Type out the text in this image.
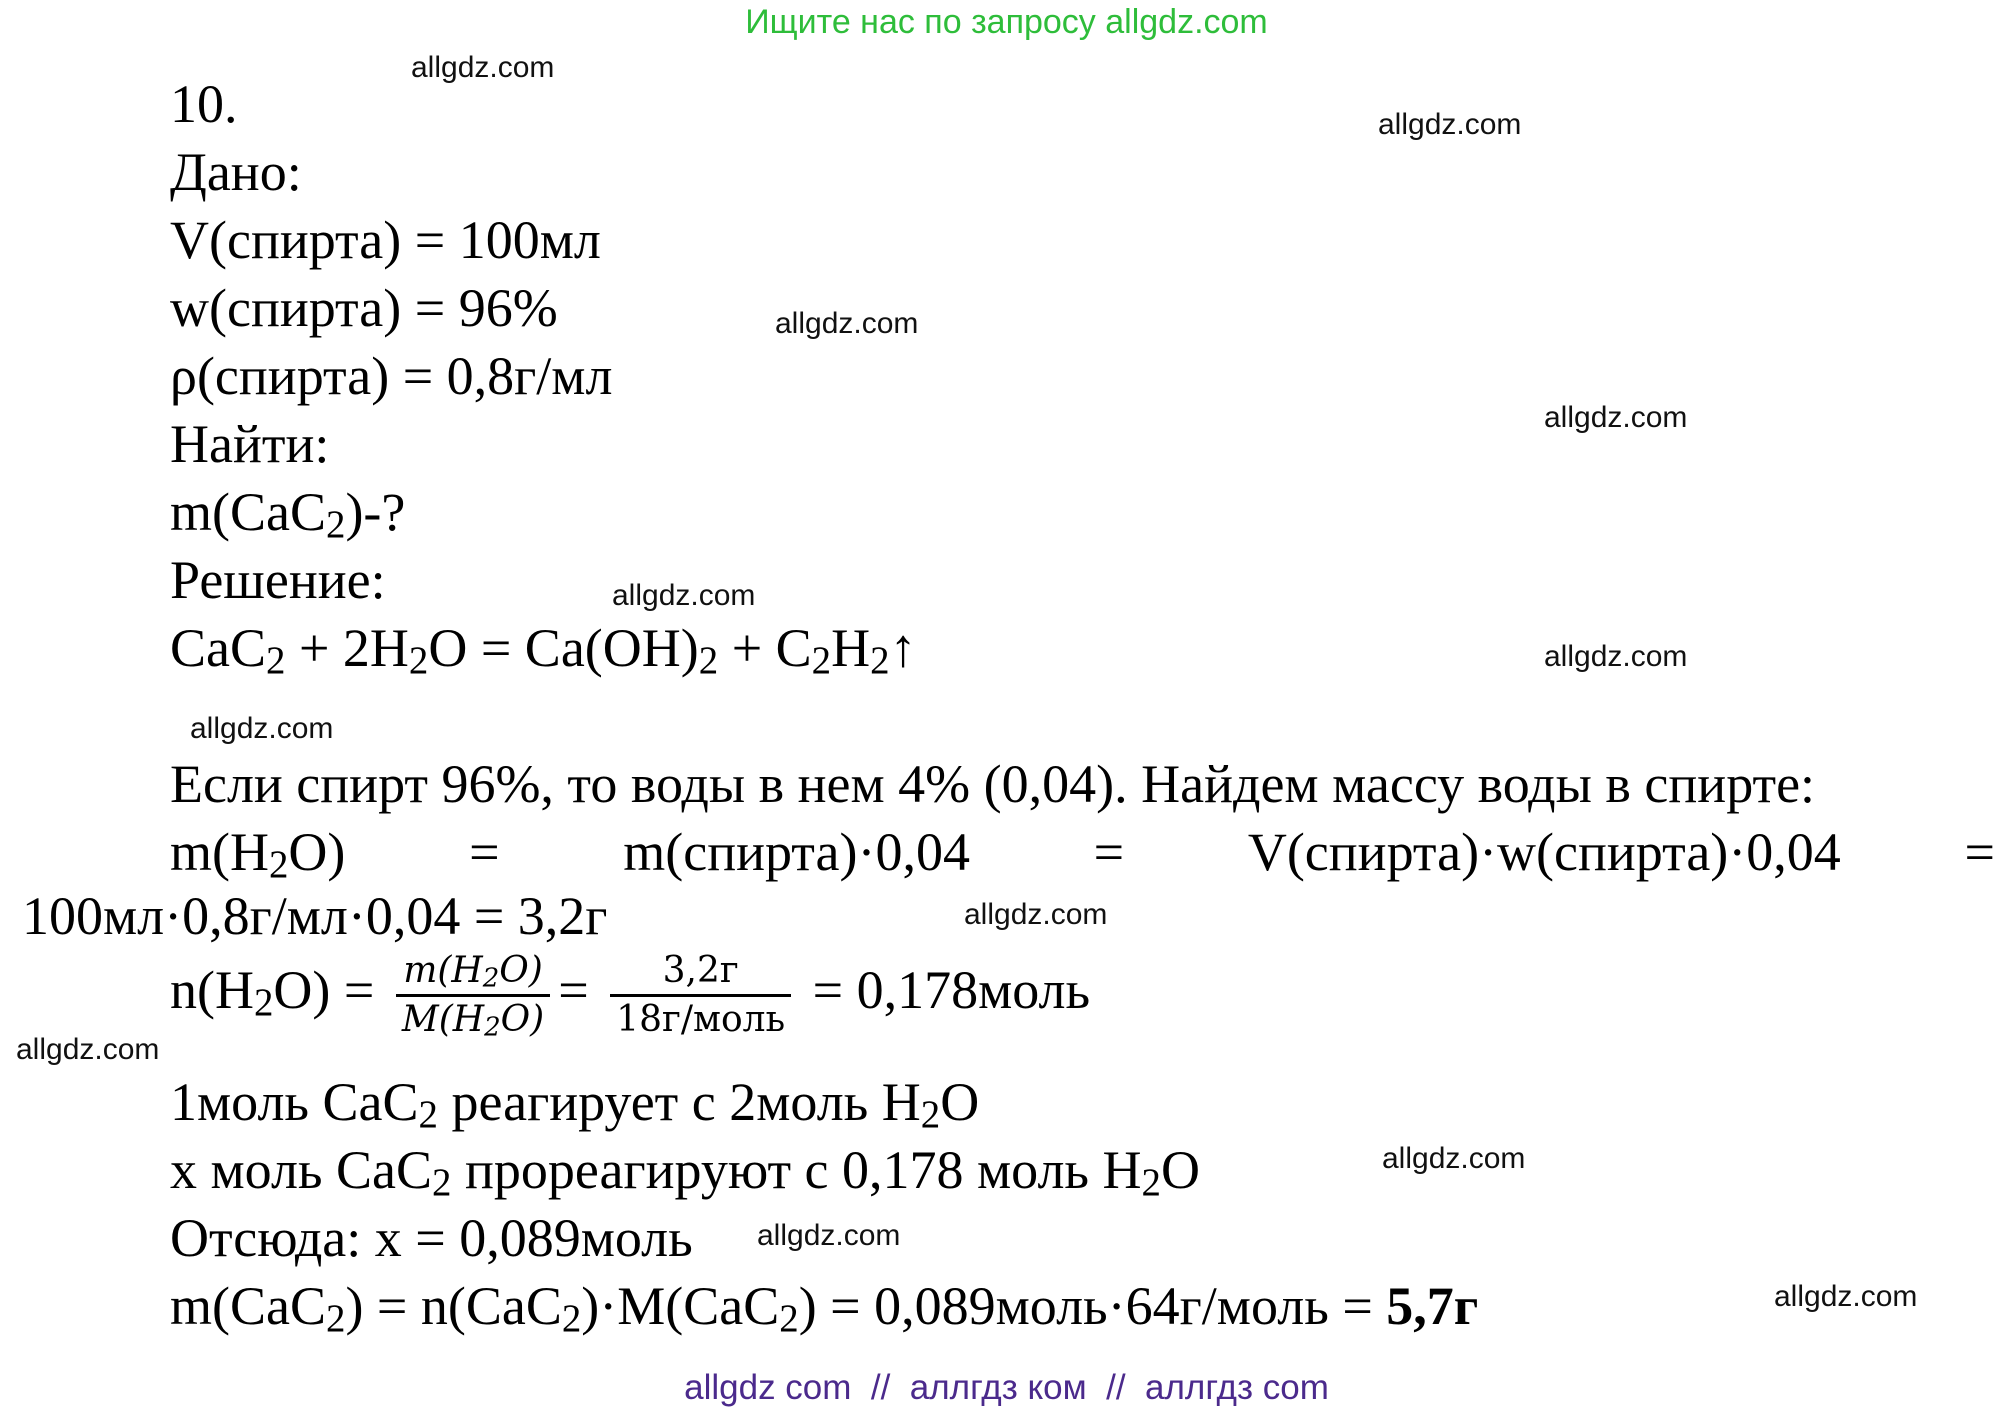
Ищите нас по запросу allgdz.com
allgdz.com
allgdz.com
allgdz.com
allgdz.com
allgdz.com
allgdz.com
allgdz.com
allgdz.com
allgdz.com
allgdz.com
allgdz.com
allgdz.com
10.
Дано:
V(спирта) = 100мл
w(спирта) = 96%
ρ(спирта) = 0,8г/мл
Найти:
m(CaC$_2$)-?
Решение:
$CaC_2 + 2H_2O = Ca(OH)_2$ + $C_2H_2↑$
Если спирт 96%, то воды в нем 4% (0,04). Найдем массу воды в спирте:
$m(H_2O)$ = m(спирта)·0,04 = V(спирта)·w(спирта)·0,04 =
100мл·0,8г/мл·0,04 = 3,2г
$n(H_2O) = \frac{m(H_2O)}{M(H_2O)} = \frac{3,2г}{\text{18г/моль}}$ = 0,178моль
1моль CaC$_2$ реагирует с 2моль $H_2O$
х моль CaC$_2$ прореагируют с 0,178 моль $H_2O$
Отсюда: х = 0,089моль
m(CaC$_2$) = n(CaC$_2$)·M(CaC$_2$) = 0,089моль·64г/моль = 5,7г
allgdz com  //  аллгдз ком  //  аллгдз com
